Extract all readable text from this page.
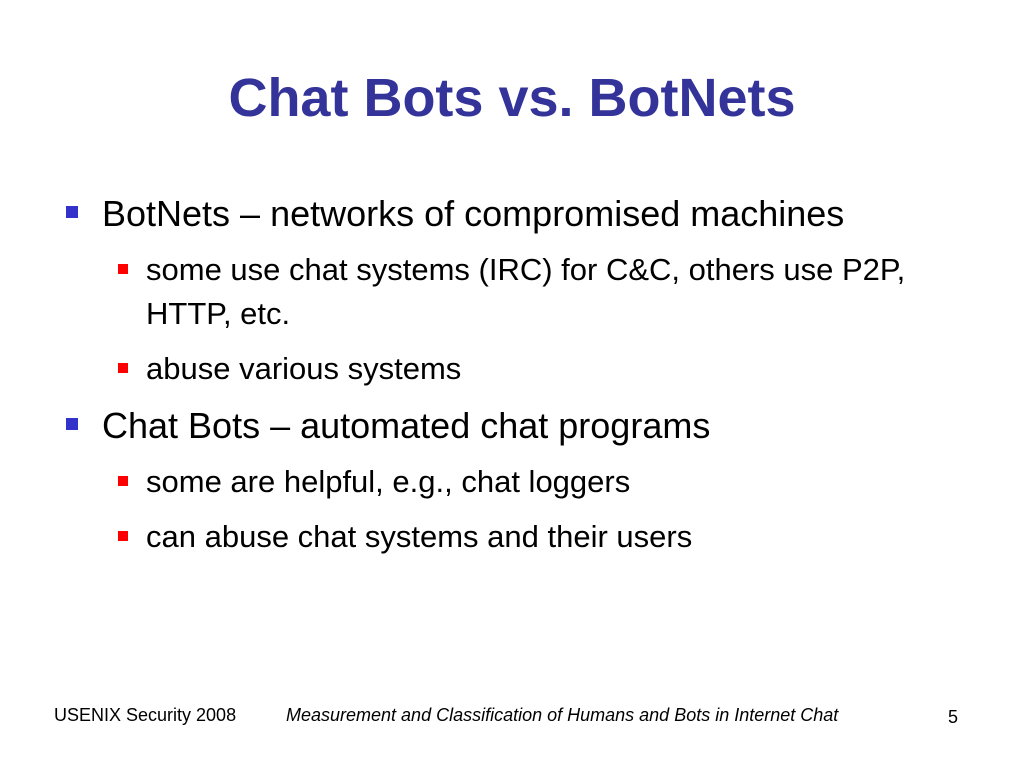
Chat Bots vs. BotNets
BotNets – networks of compromised machines
some use chat systems (IRC) for C&C, others use P2P, HTTP, etc.
abuse various systems
Chat Bots – automated chat programs
some are helpful, e.g., chat loggers
can abuse chat systems and their users
USENIX Security 2008	Measurement and Classification of Humans and Bots in Internet Chat	5
